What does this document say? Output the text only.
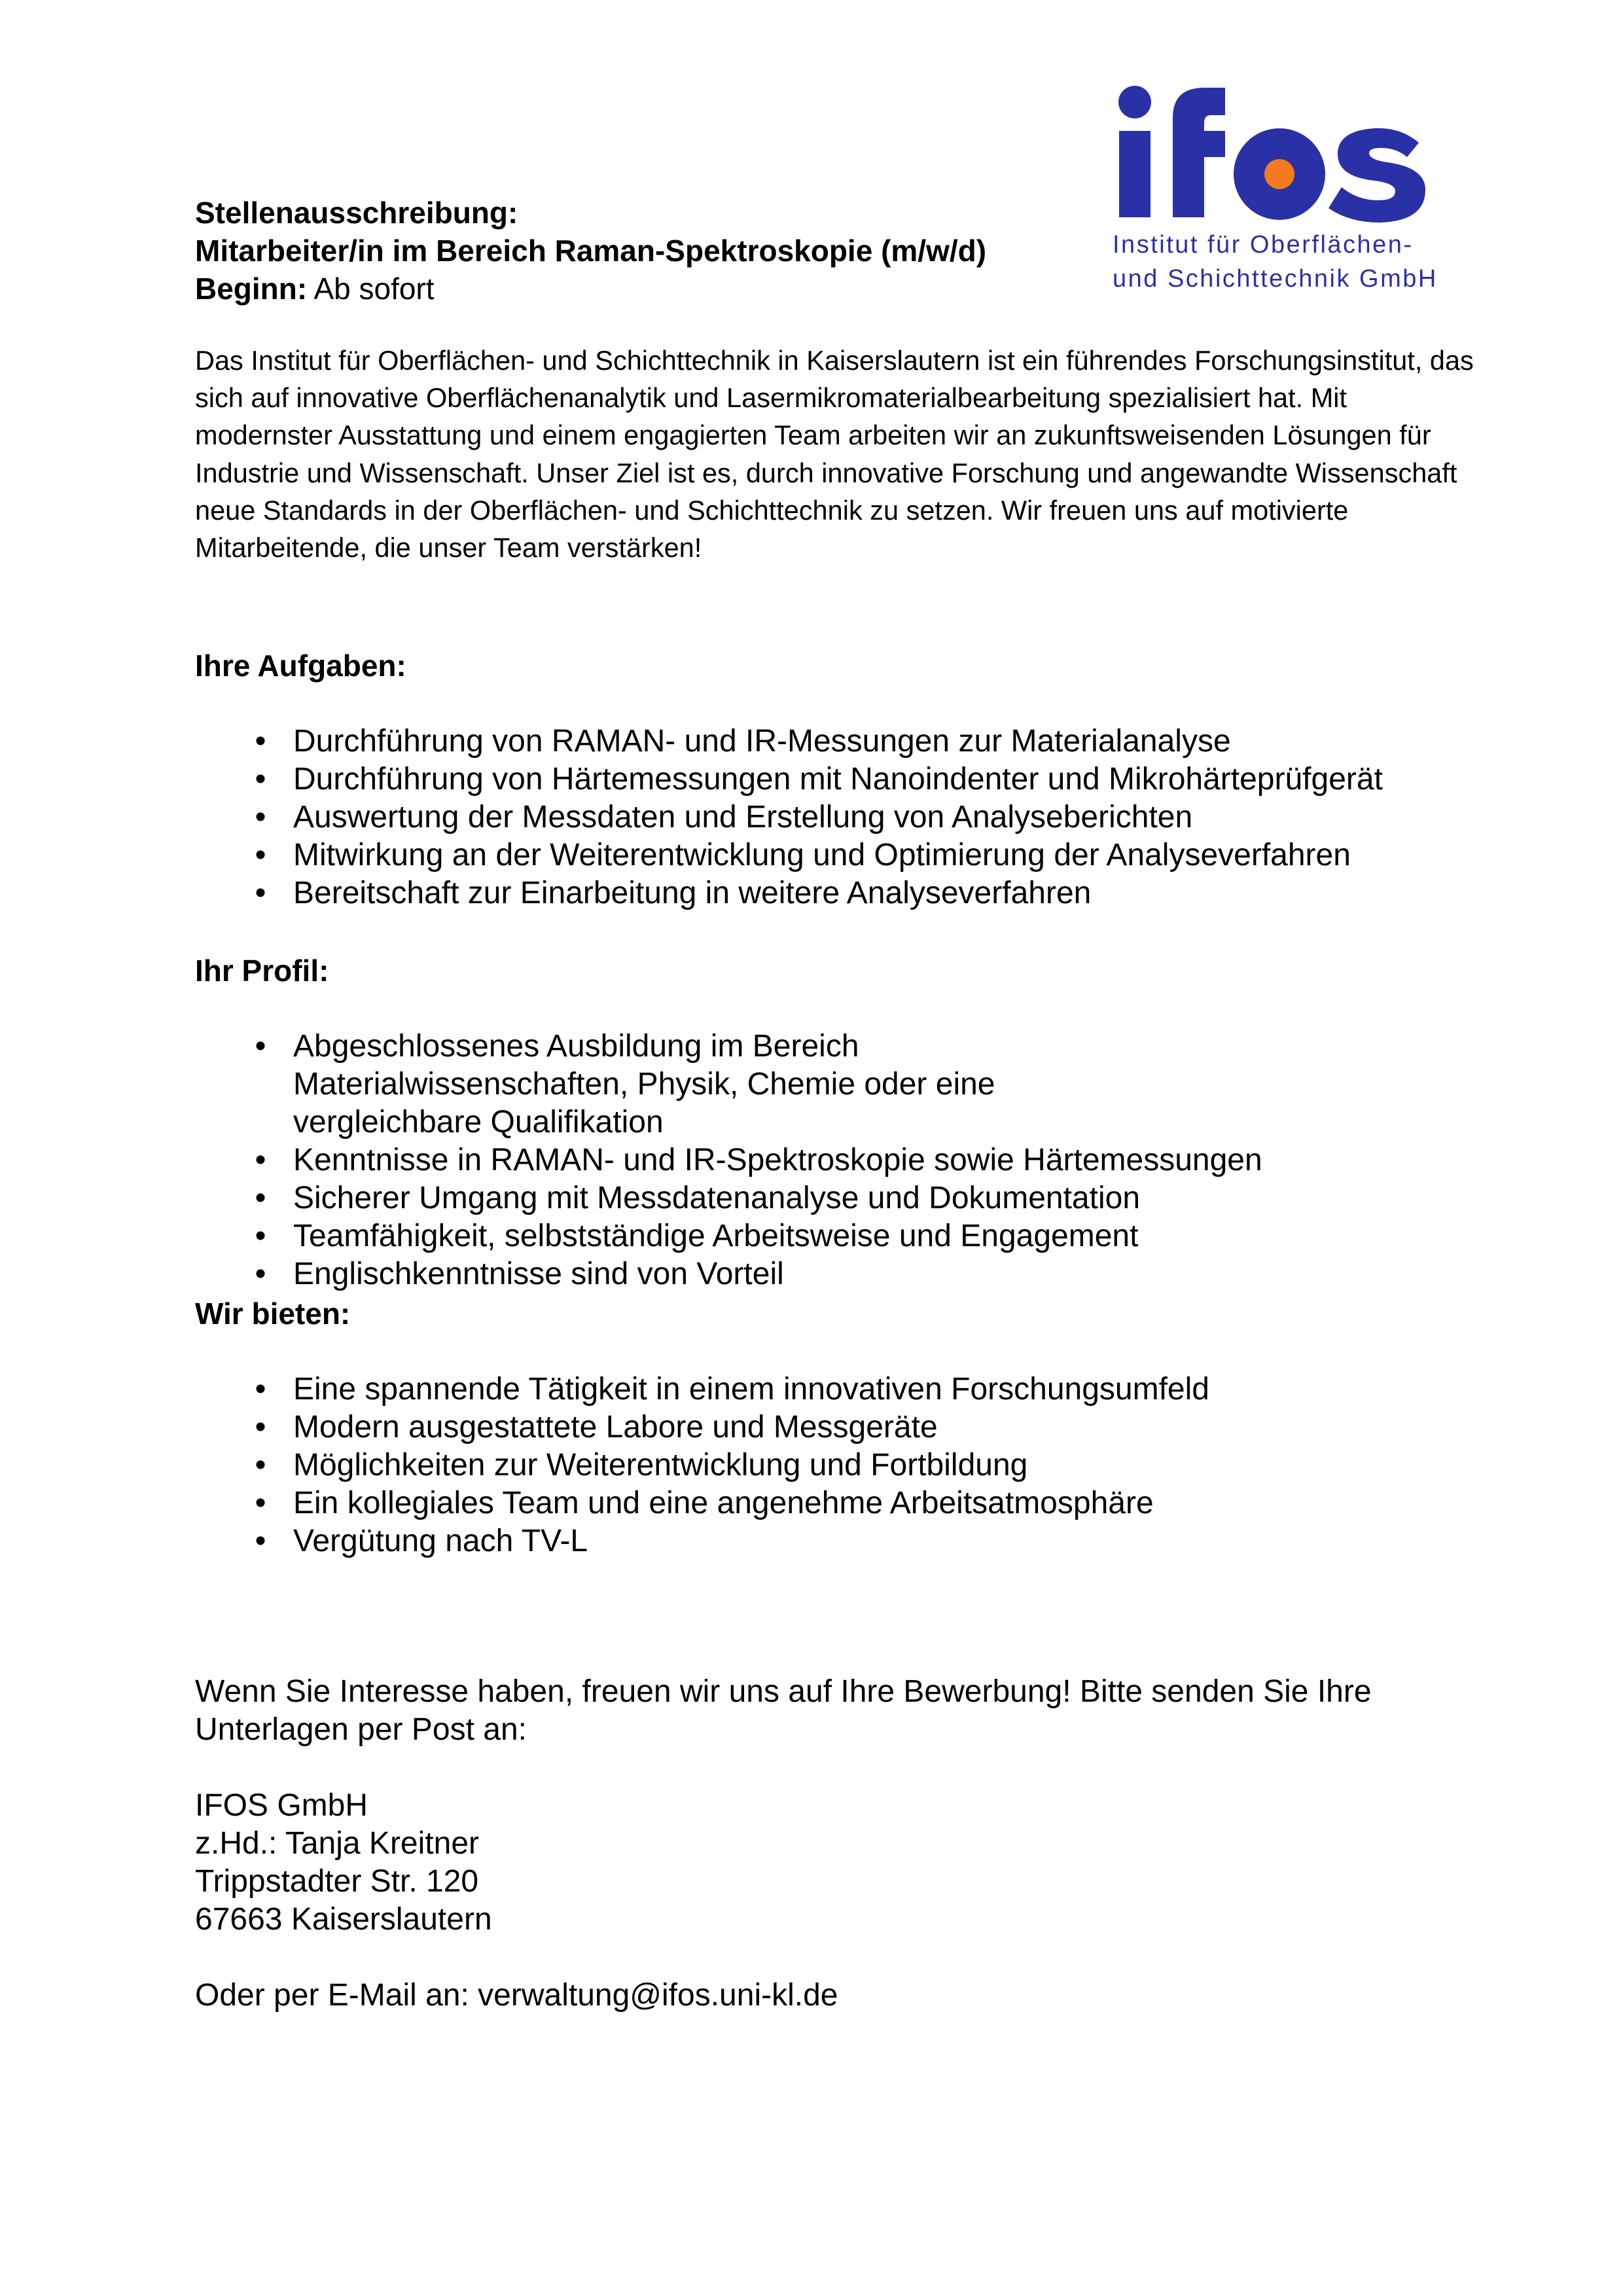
Institut für Oberflächen-
und Schichttechnik GmbH
Stellenausschreibung:
Mitarbeiter/in im Bereich Raman-Spektroskopie (m/w/d)
Beginn: Ab sofort

Das Institut für Oberflächen- und Schichttechnik in Kaiserslautern ist ein führendes Forschungsinstitut, das sich auf innovative Oberflächenanalytik und Lasermikromaterialbearbeitung spezialisiert hat. Mit modernster Ausstattung und einem engagierten Team arbeiten wir an zukunftsweisenden Lösungen für Industrie und Wissenschaft. Unser Ziel ist es, durch innovative Forschung und angewandte Wissenschaft neue Standards in der Oberflächen- und Schichttechnik zu setzen. Wir freuen uns auf motivierte Mitarbeitende, die unser Team verstärken!

Ihre Aufgaben:
• Durchführung von RAMAN- und IR-Messungen zur Materialanalyse
• Durchführung von Härtemessungen mit Nanoindenter und Mikrohärteprüfgerät
• Auswertung der Messdaten und Erstellung von Analyseberichten
• Mitwirkung an der Weiterentwicklung und Optimierung der Analyseverfahren
• Bereitschaft zur Einarbeitung in weitere Analyseverfahren
Ihr Profil:
• Abgeschlossenes Ausbildung im Bereich Materialwissenschaften, Physik, Chemie oder eine vergleichbare Qualifikation
• Kenntnisse in RAMAN- und IR-Spektroskopie sowie Härtemessungen
• Sicherer Umgang mit Messdatenanalyse und Dokumentation
• Teamfähigkeit, selbstständige Arbeitsweise und Engagement
• Englischkenntnisse sind von Vorteil
Wir bieten:
• Eine spannende Tätigkeit in einem innovativen Forschungsumfeld
• Modern ausgestattete Labore und Messgeräte
• Möglichkeiten zur Weiterentwicklung und Fortbildung
• Ein kollegiales Team und eine angenehme Arbeitsatmosphäre
• Vergütung nach TV-L

Wenn Sie Interesse haben, freuen wir uns auf Ihre Bewerbung! Bitte senden Sie Ihre Unterlagen per Post an:

IFOS GmbH

z.Hd.: Tanja Kreitner

Trippstadter Str. 120

67663 Kaiserslautern

Oder per E-Mail an: verwaltung@ifos.uni-kl.de
